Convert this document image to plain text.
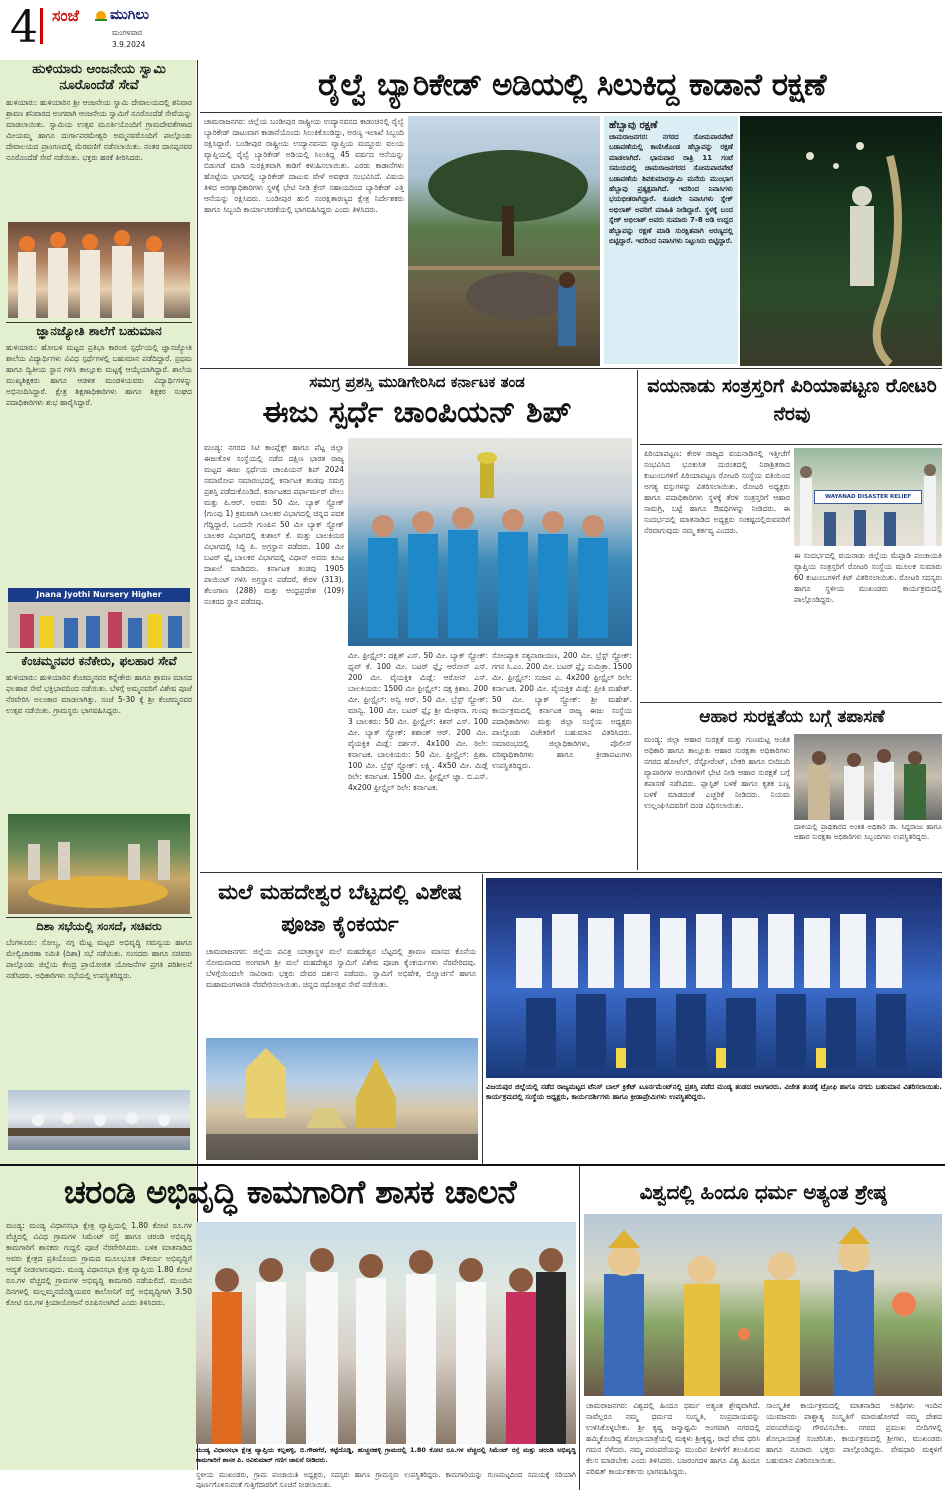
4 ಸಂಜೆ ಮುಗಿಲು
ಮಂಗಳವಾರ
3.9.2024
ಹುಳಿಯಾರು ಆಂಜನೇಯ ಸ್ವಾಮಿ ನೂರೊಂದೆಡೆ ಸೇವೆ
ಹುಳಿಯಾರು: ಹುಳಿಯಾರಿನ ಶ್ರೀ ಆಂಜನೇಯ ಸ್ವಾಮಿ ದೇವಾಲಯದಲ್ಲಿ ಶನಿವಾರ ಶ್ರಾವಣ ಶನಿವಾರದ ಅಂಗವಾಗಿ ಆಂಜನೇಯ ಸ್ವಾಮಿಗೆ ನೂರೊಂದೆಡೆ ಸೇವೆಯನ್ನು ಮಾಡಲಾಯಿತು. ಸ್ವಾಮಿಯ ಉತ್ಸವ ಮೂರ್ತಿಯೊಂದಿಗೆ ಗ್ರಾಮದೇವತೆಗಳಾದ ಮೀಯಮ್ಮ ಹಾಗೂ ದುರ್ಗಾಪರಮೇಶ್ವರಿ ಅಮ್ಮನವರೊಂದಿಗೆ ಪಾಲ್ಗೊಂಡು ದೇವಾಲಯದ ಪ್ರಾಂಗಣದಲ್ಲಿ ಮೆರವಣಿಗೆ ನಡೆಸಲಾಯಿತು. ನಂತರ ದಾಸಪ್ಪನವರ ನೂರೊಂದೆಡೆ ಸೇವೆ ನಡೆಯಿತು. ಭಕ್ತರು ಹರಕೆ ತೀರಿಸಿದರು.
ಜ್ಞಾನಜ್ಯೋತಿ ಶಾಲೆಗೆ ಬಹುಮಾನ
ಹುಳಿಯಾರು: ಹೋಬಳಿ ಮಟ್ಟದ ಪ್ರತಿಭಾ ಕಾರಂಜಿ ಸ್ಪರ್ಧೆಯಲ್ಲಿ ಜ್ಞಾನಜ್ಯೋತಿ ಶಾಲೆಯ ವಿದ್ಯಾರ್ಥಿಗಳು ವಿವಿಧ ಸ್ಪರ್ಧೆಗಳಲ್ಲಿ ಬಹುಮಾನ ಪಡೆದಿದ್ದಾರೆ. ಪ್ರಥಮ ಹಾಗೂ ದ್ವಿತೀಯ ಸ್ಥಾನ ಗಳಿಸಿ ತಾಲ್ಲೂಕು ಮಟ್ಟಕ್ಕೆ ಆಯ್ಕೆಯಾಗಿದ್ದಾರೆ. ಶಾಲೆಯ ಮುಖ್ಯಶಿಕ್ಷಕರು ಹಾಗೂ ಆಡಳಿತ ಮಂಡಳಿಯವರು ವಿದ್ಯಾರ್ಥಿಗಳನ್ನು ಅಭಿನಂದಿಸಿದ್ದಾರೆ. ಕ್ಷೇತ್ರ ಶಿಕ್ಷಣಾಧಿಕಾರಿಗಳು ಹಾಗೂ ಶಿಕ್ಷಕರ ಸಂಘದ ಪದಾಧಿಕಾರಿಗಳು ಶುಭ ಹಾರೈಸಿದ್ದಾರೆ.
Jnana Jyothi Nursery Higher
ಕೆಂಚಮ್ಮನವರ ಕನೆಕೇರು, ಫಲಹಾರ ಸೇವೆ
ಹುಳಿಯಾರು: ಹುಳಿಯಾರಿನ ಕೆಂಚಮ್ಮನವರ ಕನ್ನೇಕೇರು ಹಾಗೂ ಶ್ರಾವಣ ಮಾಸದ ಫಲಹಾರ ಸೇವೆ ಭಕ್ತಿಭಾವದಿಂದ ನಡೆಯಿತು. ಬೆಳಗ್ಗೆ ಅಮ್ಮನವರಿಗೆ ವಿಶೇಷ ಪೂಜೆ ನೆರವೇರಿಸಿ ಅಲಂಕಾರ ಮಾಡಲಾಗಿತ್ತು. ಸಂಜೆ 5-30 ಕ್ಕೆ ಶ್ರೀ ಕೆಂಚಮ್ಮನವರ ಉತ್ಸವ ನಡೆಯಿತು. ಗ್ರಾಮಸ್ಥರು ಭಾಗವಹಿಸಿದ್ದರು.
ದಿಶಾ ಸಭೆಯಲ್ಲಿ ಸಂಸದೆ, ಸಚಿವರು
ಬೆಂಗಳೂರು: ಸೋಲ್ಯ, ನಗ್ಗ ಮೆಟ್ಟ ಮಟ್ಟದ ಅಭಿವೃದ್ಧಿ ಸಮನ್ವಯ ಹಾಗೂ ಮೇಲ್ವಿಚಾರಣಾ ಸಮಿತಿ (ದಿಶಾ) ಸಭೆ ನಡೆಯಿತು. ಸಂಸದರು ಹಾಗೂ ಸಚಿವರು ಪಾಲ್ಗೊಂಡು ಜಿಲ್ಲೆಯ ಕೇಂದ್ರ ಪ್ರಾಯೋಜಿತ ಯೋಜನೆಗಳ ಪ್ರಗತಿ ಪರಿಶೀಲನೆ ನಡೆಸಿದರು. ಅಧಿಕಾರಿಗಳು ಸಭೆಯಲ್ಲಿ ಉಪಸ್ಥಿತರಿದ್ದರು.
ರೈಲ್ವೆ ಬ್ಯಾರಿಕೇಡ್ ಅಡಿಯಲ್ಲಿ ಸಿಲುಕಿದ್ದ ಕಾಡಾನೆ ರಕ್ಷಣೆ
ಚಾಮರಾಜನಗರ: ಜಿಲ್ಲೆಯ ಬಂಡೀಪುರ ರಾಷ್ಟ್ರೀಯ ಉದ್ಯಾನವನದ ಕಾಡಂಚಿನಲ್ಲಿ ರೈಲ್ವೆ ಬ್ಯಾರಿಕೇಡ್ ದಾಟುವಾಗ ಕಾಡಾನೆಯೊಂದು ಸಿಲುಕಿಕೊಂಡಿದ್ದು, ಅರಣ್ಯ ಇಲಾಖೆ ಸಿಬ್ಬಂದಿ ರಕ್ಷಿಸಿದ್ದಾರೆ. ಬಂಡೀಪುರ ರಾಷ್ಟ್ರೀಯ ಉದ್ಯಾನವನದ ವ್ಯಾಪ್ತಿಯ ಮದ್ದೂರು ವಲಯ ವ್ಯಾಪ್ತಿಯಲ್ಲಿ ರೈಲ್ವೆ ಬ್ಯಾರಿಕೇಡ್ ಅಡಿಯಲ್ಲಿ ಸಿಲುಕಿದ್ದ 45 ವರ್ಷದ ಆನೆಯನ್ನು ಬಿಡುಗಡೆ ಮಾಡಿ ಸುರಕ್ಷಿತವಾಗಿ ಕಾಡಿಗೆ ಕಳುಹಿಸಲಾಯಿತು. ಎರಡು ಕಾಡಾನೆಗಳು ಹೊಟ್ಟೆಯ ಭಾಗದಲ್ಲಿ ಬ್ಯಾರಿಕೇಡ್ ದಾಟುವ ವೇಳೆ ಅವಘಡ ಸಂಭವಿಸಿದೆ. ವಿಷಯ ತಿಳಿದ ಅರಣ್ಯಾಧಿಕಾರಿಗಳು ಸ್ಥಳಕ್ಕೆ ಭೇಟಿ ನೀಡಿ ಕ್ರೇನ್ ಸಹಾಯದಿಂದ ಬ್ಯಾರಿಕೇಡ್ ಎತ್ತಿ ಆನೆಯನ್ನು ರಕ್ಷಿಸಿದರು. ಬಂಡೀಪುರ ಹುಲಿ ಸಂರಕ್ಷಿತಾರಣ್ಯದ ಕ್ಷೇತ್ರ ನಿರ್ದೇಶಕರು ಹಾಗೂ ಸಿಬ್ಬಂದಿ ಕಾರ್ಯಾಚರಣೆಯಲ್ಲಿ ಭಾಗವಹಿಸಿದ್ದರು ಎಂದು ತಿಳಿಸಿದರು.
ಹೆಬ್ಬಾವು ರಕ್ಷಣೆ
ಚಾಮರಾಜನಗರ: ನಗರದ ಸೋಮವಾರಪೇಟೆ ಬಡಾವಣೆಯಲ್ಲಿ ಕಾಣಿಸಿಕೊಂಡ ಹೆಬ್ಬಾವನ್ನು ರಕ್ಷಣೆ ಮಾಡಲಾಗಿದೆ. ಭಾನುವಾರ ರಾತ್ರಿ 11 ಗಂಟೆ ಸಮಯದಲ್ಲಿ ಚಾಮರಾಜನಗರದ ಸೋಮವಾರಪೇಟೆ ಬಡಾವಣೆಯ ಶಿವಕುಮಾರಸ್ವಾಮಿ ಮನೆಯ ಮುಂಭಾಗ ಹೆಬ್ಬಾವು ಪ್ರತ್ಯಕ್ಷವಾಗಿದೆ. ಇದರಿಂದ ನಿವಾಸಿಗಳು ಭಯಭೀತರಾಗಿದ್ದಾರೆ. ಕೂಡಲೇ ನಿವಾಸಿಗಳು ಸ್ನೇಕ್ ಅಭಿಲಾಶ್ ಅವರಿಗೆ ಮಾಹಿತಿ ನೀಡಿದ್ದಾರೆ. ಸ್ಥಳಕ್ಕೆ ಬಂದ ಸ್ನೇಕ್ ಅಭಿಲಾಶ್ ಅವರು ಸುಮಾರು 7-8 ಅಡಿ ಉದ್ದದ ಹೆಬ್ಬಾವನ್ನು ರಕ್ಷಣೆ ಮಾಡಿ ಸುರಕ್ಷಿತವಾಗಿ ಅರಣ್ಯದಲ್ಲಿ ಬಿಟ್ಟಿದ್ದಾರೆ. ಇದರಿಂದ ನಿವಾಸಿಗಳು ನಿಟ್ಟುಸಿರು ಬಿಟ್ಟಿದ್ದಾರೆ.
ಸಮಗ್ರ ಪ್ರಶಸ್ತಿ ಮುಡಿಗೇರಿಸಿದ ಕರ್ನಾಟಕ ತಂಡ
ಈಜು ಸ್ಪರ್ಧೆ ಚಾಂಪಿಯನ್ ಶಿಪ್
ಮಂಡ್ಯ: ನಗರದ ಸಿಟಿ ಕಾಂಪ್ಲೆಕ್ಸ್ ಹಾಗೂ ಪೆಟ್ಟ ಜಿಲ್ಲಾ ಈಜುಕೊಳ ಸಂಸ್ಥೆಯಲ್ಲಿ ನಡೆದ ದಕ್ಷಿಣ ಭಾರತ ರಾಜ್ಯ ಮಟ್ಟದ ಈಜು ಸ್ಪರ್ಧೆಯ ಚಾಂಪಿಯನ್ ಶಿಪ್ 2024 ಸಮಾರೋಪ ಸಮಾರಂಭದಲ್ಲಿ ಕರ್ನಾಟಕ ತಂಡವು ಸಮಗ್ರ ಪ್ರಶಸ್ತಿ ಪಡೆದುಕೊಂಡಿದೆ. ಕರ್ನಾಟಕದ ಪರ್ಫಾರ್ಮರ್ ವೇಲು ಮತ್ತು ಪಿ.ಆರ್. ಅವರು 50 ಮೀ. ಬ್ಯಾಕ್ ಸ್ಟ್ರೋಕ್ (ಗುಂಪು 1) ಕ್ರಮವಾಗಿ ಬಾಲಕರ ವಿಭಾಗದಲ್ಲಿ ಚಿನ್ನದ ಪದಕ ಗೆದ್ದಿದ್ದಾರೆ. ಒಂದನೇ ಗುಂಪಿನ 50 ಮೀ ಬ್ಯಾಕ್ ಸ್ಟ್ರೋಕ್ ಬಾಲಕರ ವಿಭಾಗದಲ್ಲಿ ಕುಶಾಲ್ ಕೆ. ಮತ್ತು ಬಾಲಕಿಯರ ವಿಭಾಗದಲ್ಲಿ ಸಿದ್ಧಿ ಪಿ. ಅಗ್ರಸ್ಥಾನ ಪಡೆದರು. 100 ಮೀ ಬಟರ್ ಫ್ಲೈ ಬಾಲಕರ ವಿಭಾಗದಲ್ಲಿ ವಿಧಾನ್ ಅವರು ಕೂಟ ದಾಖಲೆ ಮಾಡಿದರು. ಕರ್ನಾಟಕ ತಂಡವು 1905 ಪಾಯಿಂಟ್ ಗಳಿಸಿ ಅಗ್ರಸ್ಥಾನ ಪಡೆದರೆ, ಕೇರಳ (313), ತೆಲಂಗಾಣ (288) ಮತ್ತು ಆಂಧ್ರಪ್ರದೇಶ (109) ನಂತರದ ಸ್ಥಾನ ಪಡೆದವು.
ಮೀ. ಫ್ರೀಸ್ಟೈಲ್: ದಕ್ಷಿತ್ ಎಸ್. 50 ಮೀ. ಬ್ಯಾಕ್ ಸ್ಟ್ರೋಕ್: ಧೃವ್ ಕೆ. 100 ಮೀ. ಬಟರ್ ಫ್ಲೈ: ಆರೋನ್ ಎಸ್. 200 ಮೀ. ವೈಯಕ್ತಿಕ ಮಿಡ್ಲೆ: ಆರೋನ್ ಎಸ್. ಬಾಲಕಿಯರು: 1500 ಮೀ ಫ್ರೀಸ್ಟೈಲ್: ದಕ್ಷ ಕ್ರಿಶಾಂ. 200 ಮೀ. ಫ್ರೀಸ್ಟೈಲ್: ಅನ್ವಿ ಆರ್. 50 ಮೀ. ಬ್ರೆಸ್ಟ್ ಸ್ಟ್ರೋಕ್: ಮಾನ್ವಿ. 100 ಮೀ. ಬಟರ್ ಫ್ಲೈ: ಶ್ರೀ ಮೇಘನಾ. ಗುಂಪು 3 ಬಾಲಕರು: 50 ಮೀ. ಫ್ರೀಸ್ಟೈಲ್: ಕಿಶನ್ ಎಸ್. 100 ಮೀ. ಬ್ಯಾಕ್ ಸ್ಟ್ರೋಕ್: ಶಶಾಂಕ್ ಆರ್. 200 ಮೀ. ವೈಯಕ್ತಿಕ ಮಿಡ್ಲೆ: ದರ್ಶನ್. 4x100 ಮೀ. ರಿಲೇ: ಕರ್ನಾಟಕ. ಬಾಲಕಿಯರು: 50 ಮೀ. ಫ್ರೀಸ್ಟೈಲ್: ಪ್ರಿಶಾ. 100 ಮೀ. ಬ್ರೆಸ್ಟ್ ಸ್ಟ್ರೋಕ್: ಲಕ್ಷ್ಮಿ. 4x50 ಮೀ. ಮಿಡ್ಲೆ ರಿಲೇ: ಕರ್ನಾಟಕ. 1500 ಮೀ. ಫ್ರೀಸ್ಟೈಲ್ ಜ್ಞಾ. ಬಿ.ಎಸ್. 4x200 ಫ್ರೀಸ್ಟೈಲ್ ರಿಲೇ: ಕರ್ನಾಟಕ.
ಸೋಂಪ್ಯಾಕ ಸತ್ಯನಾರಾಯಣ, 200 ಮೀ. ಬ್ರೆಸ್ಟ್ ಸ್ಟ್ರೋಕ್: ಗಗನ ಸಿ.ಎಂ. 200 ಮೀ. ಬಟರ್ ಫ್ಲೈ: ಸುಮಿತ್ರಾ. 1500 ಮೀ. ಫ್ರೀಸ್ಟೈಲ್: ಸಂಜನ ಎ. 4x200 ಫ್ರೀಸ್ಟೈಲ್ ರಿಲೇ: ಕರ್ನಾಟಕ. 200 ಮೀ. ವೈಯಕ್ತಿಕ ಮಿಡ್ಲೆ: ಪ್ರೀತಿ ಮಹೇಶ್. 50 ಮೀ. ಬ್ಯಾಕ್ ಸ್ಟ್ರೋಕ್: ಶ್ರೀ ಮಹೇಶ್. ಕಾರ್ಯಕ್ರಮದಲ್ಲಿ ಕರ್ನಾಟಕ ರಾಜ್ಯ ಈಜು ಸಂಸ್ಥೆಯ ಪದಾಧಿಕಾರಿಗಳು ಮತ್ತು ಜಿಲ್ಲಾ ಸಂಸ್ಥೆಯ ಅಧ್ಯಕ್ಷರು ಪಾಲ್ಗೊಂಡು ವಿಜೇತರಿಗೆ ಬಹುಮಾನ ವಿತರಿಸಿದರು. ಸಮಾರಂಭದಲ್ಲಿ ಜಿಲ್ಲಾಧಿಕಾರಿಗಳು, ಪೊಲೀಸ್ ವರಿಷ್ಠಾಧಿಕಾರಿಗಳು ಹಾಗೂ ಕ್ರೀಡಾಪಟುಗಳು ಉಪಸ್ಥಿತರಿದ್ದರು.
ವಯನಾಡು ಸಂತ್ರಸ್ತರಿಗೆ ಪಿರಿಯಾಪಟ್ಟಣ ರೋಟರಿ ನೆರವು
ಪಿರಿಯಾಪಟ್ಟಣ: ಕೇರಳ ರಾಜ್ಯದ ವಯನಾಡಿನಲ್ಲಿ ಇತ್ತೀಚೆಗೆ ಸಂಭವಿಸಿದ ಭೂಕುಸಿತ ದುರಂತದಲ್ಲಿ ನಿರಾಶ್ರಿತರಾದ ಕುಟುಂಬಗಳಿಗೆ ಪಿರಿಯಾಪಟ್ಟಣ ರೋಟರಿ ಸಂಸ್ಥೆಯ ವತಿಯಿಂದ ಅಗತ್ಯ ವಸ್ತುಗಳನ್ನು ವಿತರಿಸಲಾಯಿತು. ರೋಟರಿ ಅಧ್ಯಕ್ಷರು ಹಾಗೂ ಪದಾಧಿಕಾರಿಗಳು ಸ್ಥಳಕ್ಕೆ ತೆರಳಿ ಸಂತ್ರಸ್ತರಿಗೆ ಆಹಾರ ಸಾಮಗ್ರಿ, ಬಟ್ಟೆ ಹಾಗೂ ಔಷಧಿಗಳನ್ನು ನೀಡಿದರು. ಈ ಸಂದರ್ಭದಲ್ಲಿ ಮಾತನಾಡಿದ ಅಧ್ಯಕ್ಷರು ಸಂಕಷ್ಟದಲ್ಲಿರುವವರಿಗೆ ನೆರವಾಗುವುದು ನಮ್ಮ ಕರ್ತವ್ಯ ಎಂದರು.
WAYANAD DISASTER RELIEF
ಈ ಸಂದರ್ಭದಲ್ಲಿ ವಯನಾಡು ಜಿಲ್ಲೆಯ ಮೆಪ್ಪಾಡಿ ಪಂಚಾಯತಿ ವ್ಯಾಪ್ತಿಯ ಸಂತ್ರಸ್ತರಿಗೆ ರೋಟರಿ ಸಂಸ್ಥೆಯ ಮೂಲಕ ಸುಮಾರು 60 ಕುಟುಂಬಗಳಿಗೆ ಕಿಟ್ ವಿತರಿಸಲಾಯಿತು. ರೋಟರಿ ಸದಸ್ಯರು ಹಾಗೂ ಸ್ಥಳೀಯ ಮುಖಂಡರು ಕಾರ್ಯಕ್ರಮದಲ್ಲಿ ಪಾಲ್ಗೊಂಡಿದ್ದರು.
ಆಹಾರ ಸುರಕ್ಷತೆಯ ಬಗ್ಗೆ ತಪಾಸಣೆ
ಮಂಡ್ಯ: ಜಿಲ್ಲಾ ಆಹಾರ ಸುರಕ್ಷತೆ ಮತ್ತು ಗುಣಮಟ್ಟ ಅಂಕಿತ ಅಧಿಕಾರಿ ಹಾಗೂ ತಾಲ್ಲೂಕು ಆಹಾರ ಸುರಕ್ಷತಾ ಅಧಿಕಾರಿಗಳು ನಗರದ ಹೋಟೆಲ್, ರೆಸ್ಟೋರೆಂಟ್, ಬೇಕರಿ ಹಾಗೂ ಬೀದಿಬದಿ ವ್ಯಾಪಾರಿಗಳ ಅಂಗಡಿಗಳಿಗೆ ಭೇಟಿ ನೀಡಿ ಆಹಾರ ಸುರಕ್ಷತೆ ಬಗ್ಗೆ ತಪಾಸಣೆ ನಡೆಸಿದರು. ಪ್ಲಾಸ್ಟಿಕ್ ಬಳಕೆ ಹಾಗೂ ಕೃತಕ ಬಣ್ಣ ಬಳಕೆ ಮಾಡದಂತೆ ಎಚ್ಚರಿಕೆ ನೀಡಿದರು. ನಿಯಮ ಉಲ್ಲಂಘಿಸಿದವರಿಗೆ ದಂಡ ವಿಧಿಸಲಾಯಿತು.
ದಾಳಿಯಲ್ಲಿ ಪ್ರಾಧಿಕಾರದ ಅಂಕಿತ ಅಧಿಕಾರಿ ಡಾ. ಸಿದ್ದರಾಜು ಹಾಗೂ ಆಹಾರ ಸುರಕ್ಷತಾ ಅಧಿಕಾರಿಗಳು ಸಿಬ್ಬಂದಿಗಳು ಉಪಸ್ಥಿತರಿದ್ದರು.
ಮಲೆ ಮಹದೇಶ್ವರ ಬೆಟ್ಟದಲ್ಲಿ ವಿಶೇಷ ಪೂಜಾ ಕೈಂಕರ್ಯ
ಚಾಮರಾಜನಗರ: ಜಿಲ್ಲೆಯ ಪವಿತ್ರ ಯಾತ್ರಾಸ್ಥಳ ಮಲೆ ಮಹದೇಶ್ವರ ಬೆಟ್ಟದಲ್ಲಿ ಶ್ರಾವಣ ಮಾಸದ ಕೊನೆಯ ಸೋಮವಾರದ ಅಂಗವಾಗಿ ಶ್ರೀ ಮಲೆ ಮಹದೇಶ್ವರ ಸ್ವಾಮಿಗೆ ವಿಶೇಷ ಪೂಜಾ ಕೈಂಕರ್ಯಗಳು ನೆರವೇರಿದವು. ಬೆಳಗ್ಗೆಯಿಂದಲೇ ಸಾವಿರಾರು ಭಕ್ತರು ದೇವರ ದರ್ಶನ ಪಡೆದರು. ಸ್ವಾಮಿಗೆ ಅಭಿಷೇಕ, ಬಿಲ್ವಾರ್ಚನೆ ಹಾಗೂ ಮಹಾಮಂಗಳಾರತಿ ನೆರವೇರಿಸಲಾಯಿತು. ಚಿನ್ನದ ರಥೋತ್ಸವ ಸೇವೆ ನಡೆಯಿತು.
ವಿಜಯಪುರ ಜಿಲ್ಲೆಯಲ್ಲಿ ನಡೆದ ರಾಜ್ಯಮಟ್ಟದ ಟೆನಿಸ್ ಬಾಲ್ ಕ್ರಿಕೆಟ್ ಟೂರ್ನಮೆಂಟ್‌ನಲ್ಲಿ ಪ್ರಶಸ್ತಿ ಪಡೆದ ಮಂಡ್ಯ ತಂಡದ ಆಟಗಾರರು. ವಿಜೇತ ತಂಡಕ್ಕೆ ಟ್ರೋಫಿ ಹಾಗೂ ನಗದು ಬಹುಮಾನ ವಿತರಿಸಲಾಯಿತು. ಕಾರ್ಯಕ್ರಮದಲ್ಲಿ ಸಂಸ್ಥೆಯ ಅಧ್ಯಕ್ಷರು, ಕಾರ್ಯದರ್ಶಿಗಳು ಹಾಗೂ ಕ್ರೀಡಾಪ್ರೇಮಿಗಳು ಉಪಸ್ಥಿತರಿದ್ದರು.
ಚರಂಡಿ ಅಭಿವೃದ್ಧಿ ಕಾಮಗಾರಿಗೆ ಶಾಸಕ ಚಾಲನೆ
ಮಂಡ್ಯ: ಮಂಡ್ಯ ವಿಧಾನಸಭಾ ಕ್ಷೇತ್ರ ವ್ಯಾಪ್ತಿಯಲ್ಲಿ 1.80 ಕೋಟಿ ರೂ.ಗಳ ವೆಚ್ಚದಲ್ಲಿ ವಿವಿಧ ಗ್ರಾಮಗಳ ಸಿಮೆಂಟ್ ರಸ್ತೆ ಹಾಗೂ ಚರಂಡಿ ಅಭಿವೃದ್ಧಿ ಕಾಮಗಾರಿಗೆ ಶಾಸಕರು ಗುದ್ದಲಿ ಪೂಜೆ ನೆರವೇರಿಸಿದರು. ಬಳಿಕ ಮಾತನಾಡಿದ ಅವರು ಕ್ಷೇತ್ರದ ಪ್ರತಿಯೊಂದು ಗ್ರಾಮದ ಮೂಲಭೂತ ಸೌಕರ್ಯ ಅಭಿವೃದ್ಧಿಗೆ ಆದ್ಯತೆ ನೀಡಲಾಗುವುದು. ಮಂಡ್ಯ ವಿಧಾನಸಭಾ ಕ್ಷೇತ್ರ ವ್ಯಾಪ್ತಿಯ 1.80 ಕೋಟಿ ರೂ.ಗಳ ವೆಚ್ಚದಲ್ಲಿ ಗ್ರಾಮಗಳ ಅಭಿವೃದ್ಧಿ ಕಾಮಗಾರಿ ನಡೆಯಲಿದೆ. ಮುಂದಿನ ದಿನಗಳಲ್ಲಿ ಮಲ್ಲಮ್ಮನದೊಡ್ಡಿಯವರ ಕಾಲೋನಿಗೆ ರಸ್ತೆ ಅಭಿವೃದ್ಧಿಗಾಗಿ 3.50 ಕೋಟಿ ರೂ.ಗಳ ಕ್ರಿಯಾಯೋಜನೆ ರೂಪಿಸಲಾಗಿದೆ ಎಂದು ತಿಳಿಸಿದರು.
ಮಂಡ್ಯ ವಿಧಾನಸಭಾ ಕ್ಷೇತ್ರ ವ್ಯಾಪ್ತಿಯ ಕಲ್ಲಹಳ್ಳಿ, ಬಿ.ಗೌಡಗೆರೆ, ಕಟ್ಟೆದೊಡ್ಡಿ, ಹುಚ್ಚನಹಳ್ಳಿ ಗ್ರಾಮದಲ್ಲಿ 1.80 ಕೋಟಿ ರೂ.ಗಳ ವೆಚ್ಚದಲ್ಲಿ ಸಿಮೆಂಟ್ ರಸ್ತೆ ಮತ್ತು ಚರಂಡಿ ಅಭಿವೃದ್ಧಿ ಕಾಮಗಾರಿಗೆ ಶಾಸಕ ಪಿ. ರವಿಕುಮಾರ್ ಗಣಿಗ ಚಾಲನೆ ನೀಡಿದರು.
ಸ್ಥಳೀಯ ಮುಖಂಡರು, ಗ್ರಾಮ ಪಂಚಾಯಿತಿ ಅಧ್ಯಕ್ಷರು, ಸದಸ್ಯರು ಹಾಗೂ ಗ್ರಾಮಸ್ಥರು ಉಪಸ್ಥಿತರಿದ್ದರು. ಕಾಮಗಾರಿಯನ್ನು ಗುಣಮಟ್ಟದಿಂದ ಸಮಯಕ್ಕೆ ಸರಿಯಾಗಿ ಪೂರ್ಣಗೊಳಿಸುವಂತೆ ಗುತ್ತಿಗೆದಾರರಿಗೆ ಸೂಚನೆ ನೀಡಲಾಯಿತು.
ವಿಶ್ವದಲ್ಲಿ ಹಿಂದೂ ಧರ್ಮ ಅತ್ಯಂತ ಶ್ರೇಷ್ಠ
ಚಾಮರಾಜನಗರ: ವಿಶ್ವದಲ್ಲಿ ಹಿಂದೂ ಧರ್ಮ ಅತ್ಯಂತ ಶ್ರೇಷ್ಠವಾಗಿದೆ. ನಾವೆಲ್ಲರೂ ನಮ್ಮ ಧರ್ಮದ ಸಂಸ್ಕೃತಿ, ಸಂಪ್ರದಾಯವನ್ನು ಉಳಿಸಿಕೊಳ್ಳಬೇಕು. ಶ್ರೀ ಕೃಷ್ಣ ಜನ್ಮಾಷ್ಟಮಿ ಅಂಗವಾಗಿ ನಗರದಲ್ಲಿ ಹಮ್ಮಿಕೊಂಡಿದ್ದ ಶೋಭಾಯಾತ್ರೆಯಲ್ಲಿ ಮಕ್ಕಳು ಶ್ರೀಕೃಷ್ಣ, ರಾಧೆ ವೇಷ ಧರಿಸಿ ಗಮನ ಸೆಳೆದರು. ನಮ್ಮ ಪರಂಪರೆಯನ್ನು ಮುಂದಿನ ಪೀಳಿಗೆಗೆ ತಲುಪಿಸುವ ಕೆಲಸ ಮಾಡಬೇಕು ಎಂದು ತಿಳಿಸಿದರು. ಬಜರಂಗದಳ ಹಾಗೂ ವಿಶ್ವ ಹಿಂದೂ ಪರಿಷತ್ ಕಾರ್ಯಕರ್ತರು ಭಾಗವಹಿಸಿದ್ದರು.
ಸಾಂಸ್ಕೃತಿಕ ಕಾರ್ಯಕ್ರಮದಲ್ಲಿ ಮಾತನಾಡಿದ ಅತಿಥಿಗಳು ಇಂದಿನ ಯುವಜನರು ಪಾಶ್ಚಾತ್ಯ ಸಂಸ್ಕೃತಿಗೆ ಮಾರುಹೋಗದೆ ನಮ್ಮ ದೇಶದ ಪರಂಪರೆಯನ್ನು ಗೌರವಿಸಬೇಕು. ನಗರದ ಪ್ರಮುಖ ಬೀದಿಗಳಲ್ಲಿ ಶೋಭಾಯಾತ್ರೆ ಸಂಚರಿಸಿತು. ಕಾರ್ಯಕ್ರಮದಲ್ಲಿ ಶ್ರೀಗಳು, ಮುಖಂಡರು ಹಾಗೂ ನೂರಾರು ಭಕ್ತರು ಪಾಲ್ಗೊಂಡಿದ್ದರು. ವೇಷಧಾರಿ ಮಕ್ಕಳಿಗೆ ಬಹುಮಾನ ವಿತರಿಸಲಾಯಿತು.
